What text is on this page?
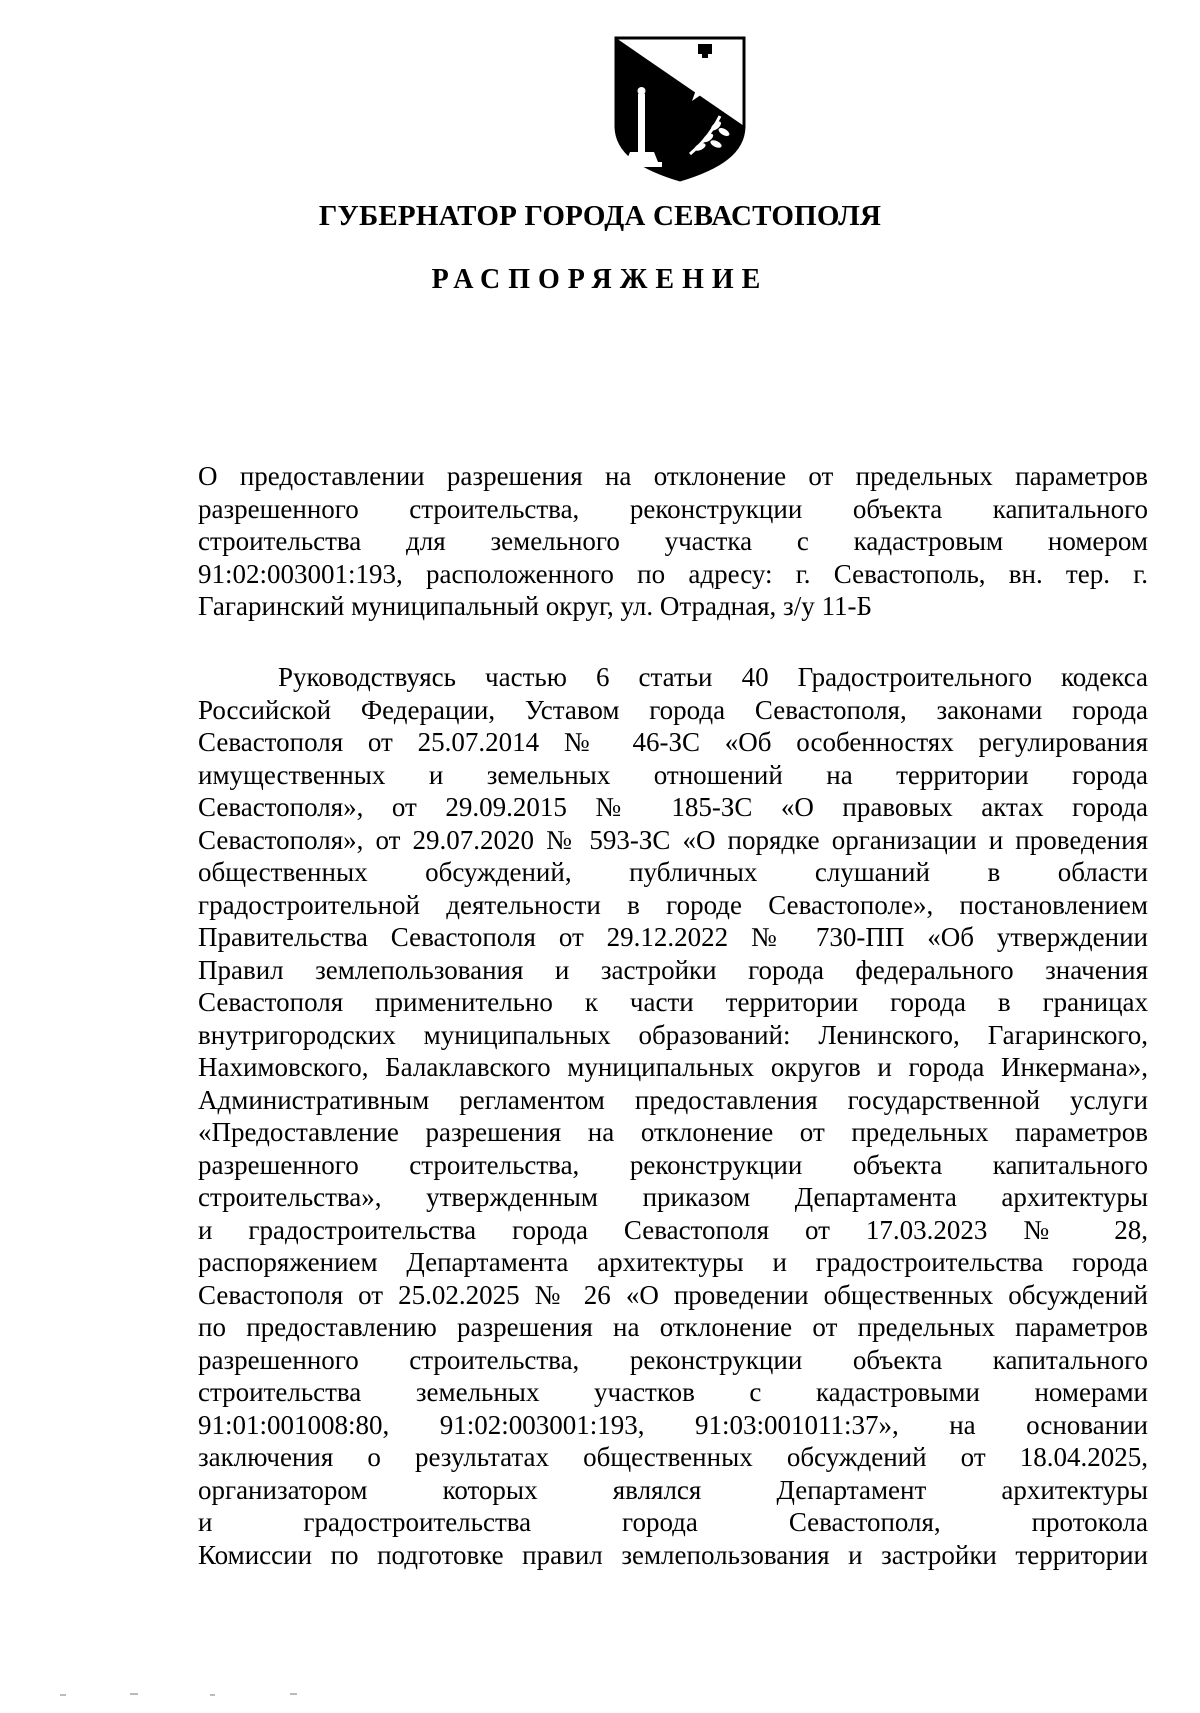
ГУБЕРНАТОР ГОРОДА СЕВАСТОПОЛЯ
РАСПОРЯЖЕНИЕ
О предоставлении разрешения на отклонение от предельных параметров
разрешенного строительства, реконструкции объекта капитального
строительства для земельного участка с кадастровым номером
91:02:003001:193, расположенного по адресу: г. Севастополь, вн. тер. г.
Гагаринский муниципальный округ, ул. Отрадная, з/у 11-Б
Руководствуясь частью 6 статьи 40 Градостроительного кодекса
Российской Федерации, Уставом города Севастополя, законами города
Севастополя от 25.07.2014 № 46-ЗС «Об особенностях регулирования
имущественных и земельных отношений на территории города
Севастополя», от 29.09.2015 № 185-ЗС «О правовых актах города
Севастополя», от 29.07.2020 № 593-ЗС «О порядке организации и проведения
общественных обсуждений, публичных слушаний в области
градостроительной деятельности в городе Севастополе», постановлением
Правительства Севастополя от 29.12.2022 № 730-ПП «Об утверждении
Правил землепользования и застройки города федерального значения
Севастополя применительно к части территории города в границах
внутригородских муниципальных образований: Ленинского, Гагаринского,
Нахимовского, Балаклавского муниципальных округов и города Инкермана»,
Административным регламентом предоставления государственной услуги
«Предоставление разрешения на отклонение от предельных параметров
разрешенного строительства, реконструкции объекта капитального
строительства», утвержденным приказом Департамента архитектуры
и градостроительства города Севастополя от 17.03.2023 № 28,
распоряжением Департамента архитектуры и градостроительства города
Севастополя от 25.02.2025 № 26 «О проведении общественных обсуждений
по предоставлению разрешения на отклонение от предельных параметров
разрешенного строительства, реконструкции объекта капитального
строительства земельных участков с кадастровыми номерами
91:01:001008:80, 91:02:003001:193, 91:03:001011:37», на основании
заключения о результатах общественных обсуждений от 18.04.2025,
организатором которых являлся Департамент архитектуры
и градостроительства города Севастополя, протокола
Комиссии по подготовке правил землепользования и застройки территории
